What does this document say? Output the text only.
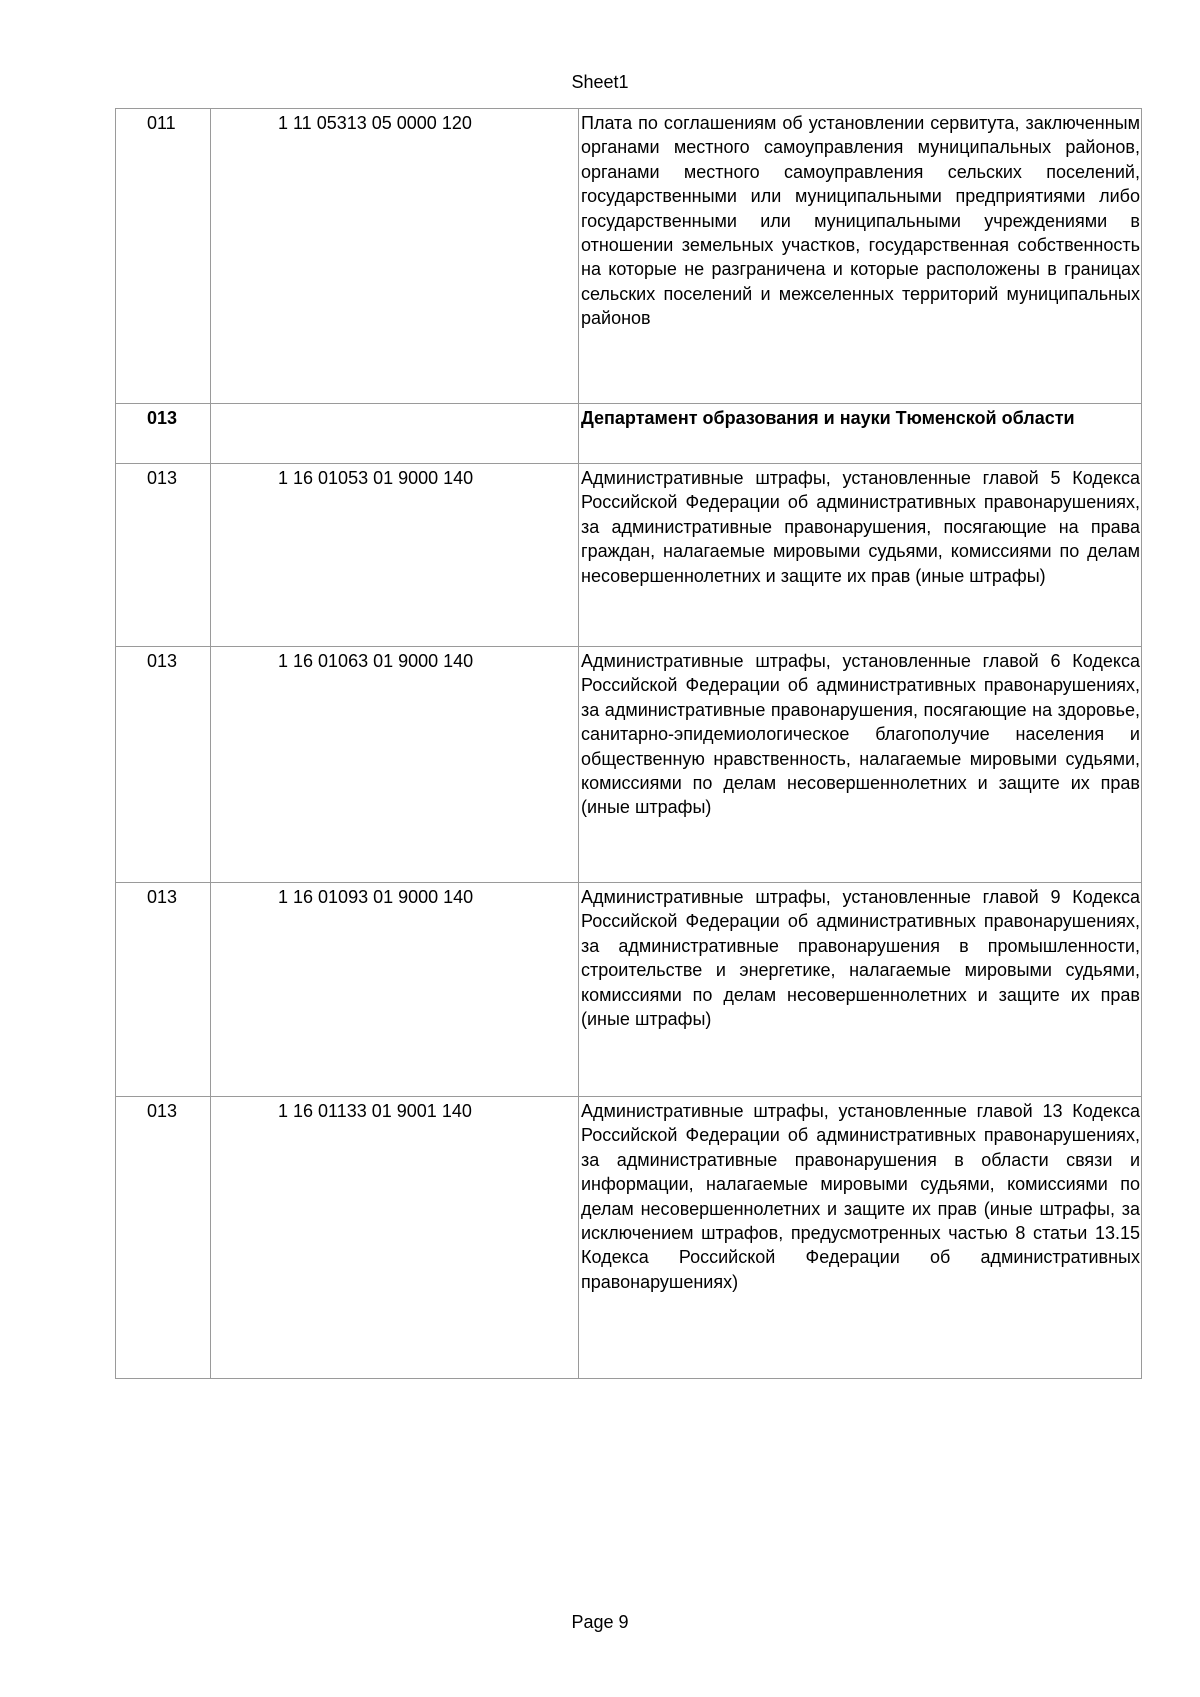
Sheet1
011	1 11 05313 05 0000 120	Плата по соглашениям об установлении сервитута, заключенным органами местного самоуправления муниципальных районов, органами местного самоуправления сельских поселений, государственными или муниципальными предприятиями либо государственными или муниципальными учреждениями в отношении земельных участков, государственная собственность на которые не разграничена и которые расположены в границах сельских поселений и межселенных территорий муниципальных районов
013		Департамент образования и науки Тюменской области
013	1 16 01053 01 9000 140	Административные штрафы, установленные главой 5 Кодекса Российской Федерации об административных правонарушениях, за административные правонарушения, посягающие на права граждан, налагаемые мировыми судьями, комиссиями по делам несовершеннолетних и защите их прав (иные штрафы)
013	1 16 01063 01 9000 140	Административные штрафы, установленные главой 6 Кодекса Российской Федерации об административных правонарушениях, за административные правонарушения, посягающие на здоровье, санитарно-эпидемиологическое благополучие населения и общественную нравственность, налагаемые мировыми судьями, комиссиями по делам несовершеннолетних и защите их прав (иные штрафы)
013	1 16 01093 01 9000 140	Административные штрафы, установленные главой 9 Кодекса Российской Федерации об административных правонарушениях, за административные правонарушения в промышленности, строительстве и энергетике, налагаемые мировыми судьями, комиссиями по делам несовершеннолетних и защите их прав (иные штрафы)
013	1 16 01133 01 9001 140	Административные штрафы, установленные главой 13 Кодекса Российской Федерации об административных правонарушениях, за административные правонарушения в области связи и информации, налагаемые мировыми судьями, комиссиями по делам несовершеннолетних и защите их прав (иные штрафы, за исключением штрафов, предусмотренных частью 8 статьи 13.15 Кодекса Российской Федерации об административных правонарушениях)
Page 9
